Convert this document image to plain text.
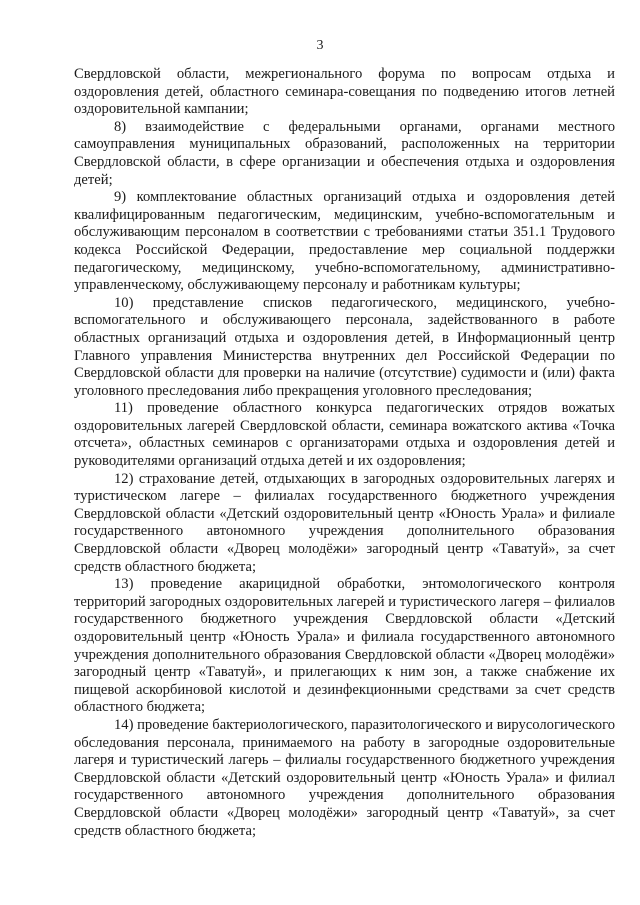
3

Свердловской области, межрегионального форума по вопросам отдыха и оздоровления детей, областного семинара-совещания по подведению итогов летней оздоровительной кампании;

8) взаимодействие с федеральными органами, органами местного самоуправления муниципальных образований, расположенных на территории Свердловской области, в сфере организации и обеспечения отдыха и оздоровления детей;

9) комплектование областных организаций отдыха и оздоровления детей квалифицированным педагогическим, медицинским, учебно-вспомогательным и обслуживающим персоналом в соответствии с требованиями статьи 351.1 Трудового кодекса Российской Федерации, предоставление мер социальной поддержки педагогическому, медицинскому, учебно-вспомогательному, административно-управленческому, обслуживающему персоналу и работникам культуры;

10) представление списков педагогического, медицинского, учебно-вспомогательного и обслуживающего персонала, задействованного в работе областных организаций отдыха и оздоровления детей, в Информационный центр Главного управления Министерства внутренних дел Российской Федерации по Свердловской области для проверки на наличие (отсутствие) судимости и (или) факта уголовного преследования либо прекращения уголовного преследования;

11) проведение областного конкурса педагогических отрядов вожатых оздоровительных лагерей Свердловской области, семинара вожатского актива «Точка отсчета», областных семинаров с организаторами отдыха и оздоровления детей и руководителями организаций отдыха детей и их оздоровления;

12) страхование детей, отдыхающих в загородных оздоровительных лагерях и туристическом лагере – филиалах государственного бюджетного учреждения Свердловской области «Детский оздоровительный центр «Юность Урала» и филиале государственного автономного учреждения дополнительного образования Свердловской области «Дворец молодёжи» загородный центр «Таватуй», за счет средств областного бюджета;

13) проведение акарицидной обработки, энтомологического контроля территорий загородных оздоровительных лагерей и туристического лагеря – филиалов государственного бюджетного учреждения Свердловской области «Детский оздоровительный центр «Юность Урала» и филиала государственного автономного учреждения дополнительного образования Свердловской области «Дворец молодёжи» загородный центр «Таватуй», и прилегающих к ним зон, а также снабжение их пищевой аскорбиновой кислотой и дезинфекционными средствами за счет средств областного бюджета;

14) проведение бактериологического, паразитологического и вирусологического обследования персонала, принимаемого на работу в загородные оздоровительные лагеря и туристический лагерь – филиалы государственного бюджетного учреждения Свердловской области «Детский оздоровительный центр «Юность Урала» и филиал государственного автономного учреждения дополнительного образования Свердловской области «Дворец молодёжи» загородный центр «Таватуй», за счет средств областного бюджета;
